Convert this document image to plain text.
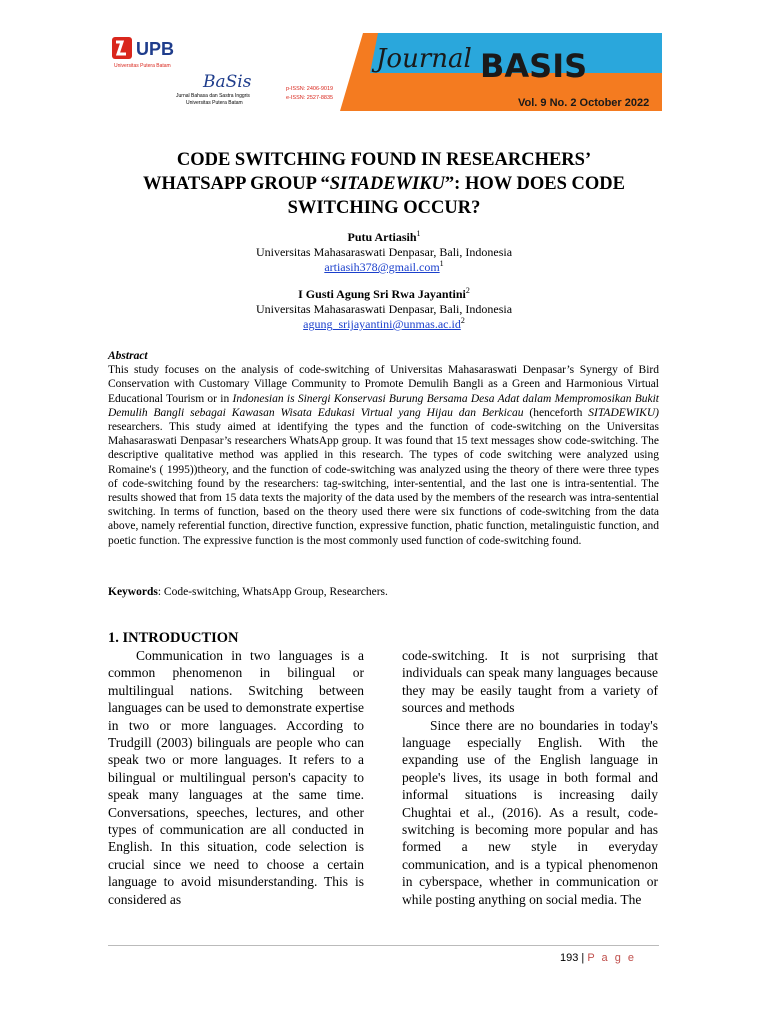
UPB
Universitas Putera Batam
BaSis
Jurnal Bahasa dan Sastra Inggris
Universitas Putera Batam
p-ISSN: 2406-9019
e-ISSN: 2527-8835
Journal BASIS
Vol. 9 No. 2 October 2022
CODE SWITCHING FOUND IN RESEARCHERS’
WHATSAPP GROUP “SITADEWIKU”: HOW DOES CODE
SWITCHING OCCUR?
Putu Artiasih$^1$
Universitas Mahasaraswati Denpasar, Bali, Indonesia
artiasih378@gmail.com$^1$
I Gusti Agung Sri Rwa Jayantini$^2$
Universitas Mahasaraswati Denpasar, Bali, Indonesia
$agung\_srijayantini@unmas.ac.id^2$
Abstract
This study focuses on the analysis of code-switching of Universitas Mahasaraswati Denpasar’s Synergy of Bird Conservation with Customary Village Community to Promote Demulih Bangli as a Green and Harmonious Virtual Educational Tourism or in Indonesian is Sinergi Konservasi Burung Bersama Desa Adat dalam Mempromosikan Bukit Demulih Bangli sebagai Kawasan Wisata Edukasi Virtual yang Hijau dan Berkicau (henceforth SITADEWIKU) researchers. This study aimed at identifying the types and the function of code-switching on the Universitas Mahasaraswati Denpasar’s researchers WhatsApp group. It was found that 15 text messages show code-switching. The descriptive qualitative method was applied in this research. The types of code switching were analyzed using Romaine's ( 1995))theory, and the function of code-switching was analyzed using the theory of there were three types of code-switching found by the researchers: tag-switching, inter-sentential, and the last one is intra-sentential. The results showed that from 15 data texts the majority of the data used by the members of the research was intra-sentential switching. In terms of function, based on the theory used there were six functions of code-switching from the data above, namely referential function, directive function, expressive function, phatic function, metalinguistic function, and poetic function. The expressive function is the most commonly used function of code-switching found.
Keywords: Code-switching, WhatsApp Group, Researchers.
1. INTRODUCTION

Communication in two languages is a common phenomenon in bilingual or multilingual nations. Switching between languages can be used to demonstrate expertise in two or more languages. According to Trudgill (2003) bilinguals are people who can speak two or more languages. It refers to a bilingual or multilingual person's capacity to speak many languages at the same time. Conversations, speeches, lectures, and other types of communication are all conducted in English. In this situation, code selection is crucial since we need to choose a certain language to avoid misunderstanding. This is considered as

code-switching. It is not surprising that individuals can speak many languages because they may be easily taught from a variety of sources and methods

Since there are no boundaries in today's language especially English. With the expanding use of the English language in people's lives, its usage in both formal and informal situations is increasing daily Chughtai et al., (2016). As a result, code-switching is becoming more popular and has formed a new style in everyday communication, and is a typical phenomenon in cyberspace, whether in communication or while posting anything on social media. The

193 | P a g e
